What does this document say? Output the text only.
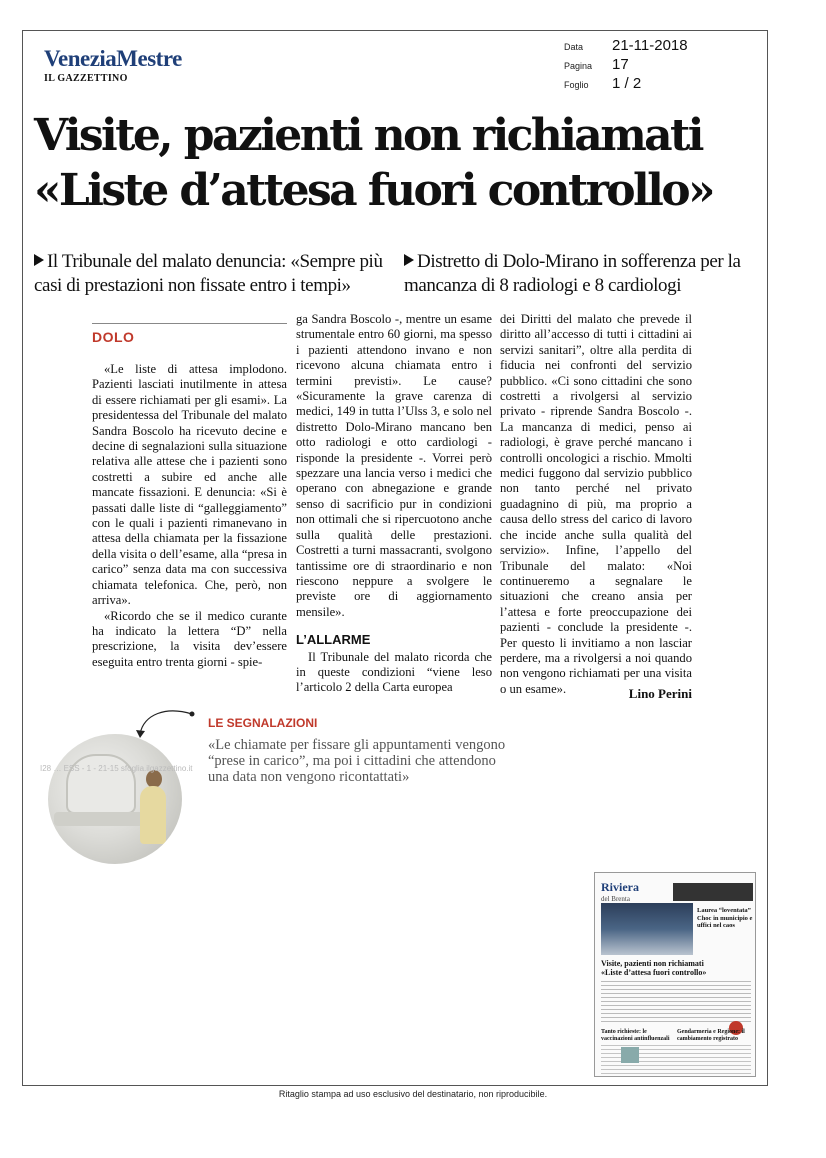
VeneziaMestre
IL GAZZETTINO
Data	21-11-2018
Pagina	17
Foglio	1 / 2
Visite, pazienti non richiamati
«Liste d’attesa fuori controllo»
Il Tribunale del malato denuncia: «Sempre più casi di prestazioni non fissate entro i tempi»
Distretto di Dolo-Mirano in sofferenza per la mancanza di 8 radiologi e 8 cardiologi
DOLO

«Le liste di attesa implodono. Pazienti lasciati inutilmente in attesa di essere richiamati per gli esami». La presidentessa del Tribunale del malato Sandra Boscolo ha ricevuto decine e decine di segnalazioni sulla situazione relativa alle attese che i pazienti sono costretti a subire ed anche alle mancate fissazioni. E denuncia: «Si è passati dalle liste di “galleggiamento” con le quali i pazienti rimanevano in attesa della chiamata per la fissazione della visita o dell’esame, alla “presa in carico” senza data ma con successiva chiamata telefonica. Che, però, non arriva».

«Ricordo che se il medico curante ha indicato la lettera “D” nella prescrizione, la visita dev’essere eseguita entro trenta giorni - spie-

ga Sandra Boscolo -, mentre un esame strumentale entro 60 giorni, ma spesso i pazienti attendono invano e non ricevono alcuna chiamata entro i termini previsti». Le cause? «Sicuramente la grave carenza di medici, 149 in tutta l’Ulss 3, e solo nel distretto Dolo-Mirano mancano ben otto radiologi e otto cardiologi - risponde la presidente -. Vorrei però spezzare una lancia verso i medici che operano con abnegazione e grande senso di sacrificio pur in condizioni non ottimali che si ripercuotono anche sulla qualità delle prestazioni. Costretti a turni massacranti, svolgono tantissime ore di straordinario e non riescono neppure a svolgere le previste ore di aggiornamento mensile».

L’ALLARME

Il Tribunale del malato ricorda che in queste condizioni “viene leso l’articolo 2 della Carta europea

dei Diritti del malato che prevede il diritto all’accesso di tutti i cittadini ai servizi sanitari”, oltre alla perdita di fiducia nei confronti del servizio pubblico. «Ci sono cittadini che sono costretti a rivolgersi al servizio privato - riprende Sandra Boscolo -. La mancanza di medici, penso ai radiologi, è grave perché mancano i controlli oncologici a rischio. Mmolti medici fuggono dal servizio pubblico non tanto perché nel privato guadagnino di più, ma proprio a causa dello stress del carico di lavoro che incide anche sulla qualità del servizio». Infine, l’appello del Tribunale del malato: «Noi continueremo a segnalare le situazioni che creano ansia per l’attesa e forte preoccupazione dei pazienti - conclude la presidente -. Per questo li invitiamo a non lasciar perdere, ma a rivolgersi a noi quando non vengono richiamati per una visita o un esame».	Lino Perini
LE SEGNALAZIONI
«Le chiamate per fissare gli appuntamenti vengono “prese in carico”, ma poi i cittadini che attendono una data non vengono ricontattati»
I28 … ESS - 1 - 21-15 sfoglia.ilgazzettino.it
Riviera
del Brenta
Laurea “loventata” Choc in municipio e uffici nel caos
Visite, pazienti non richiamati «Liste d’attesa fuori controllo»
Tanto richieste: le vaccinazioni antinfluenzali
Gendarmeria e Regione: il cambiamento registrato
Ritaglio stampa ad uso esclusivo del destinatario, non riproducibile.
